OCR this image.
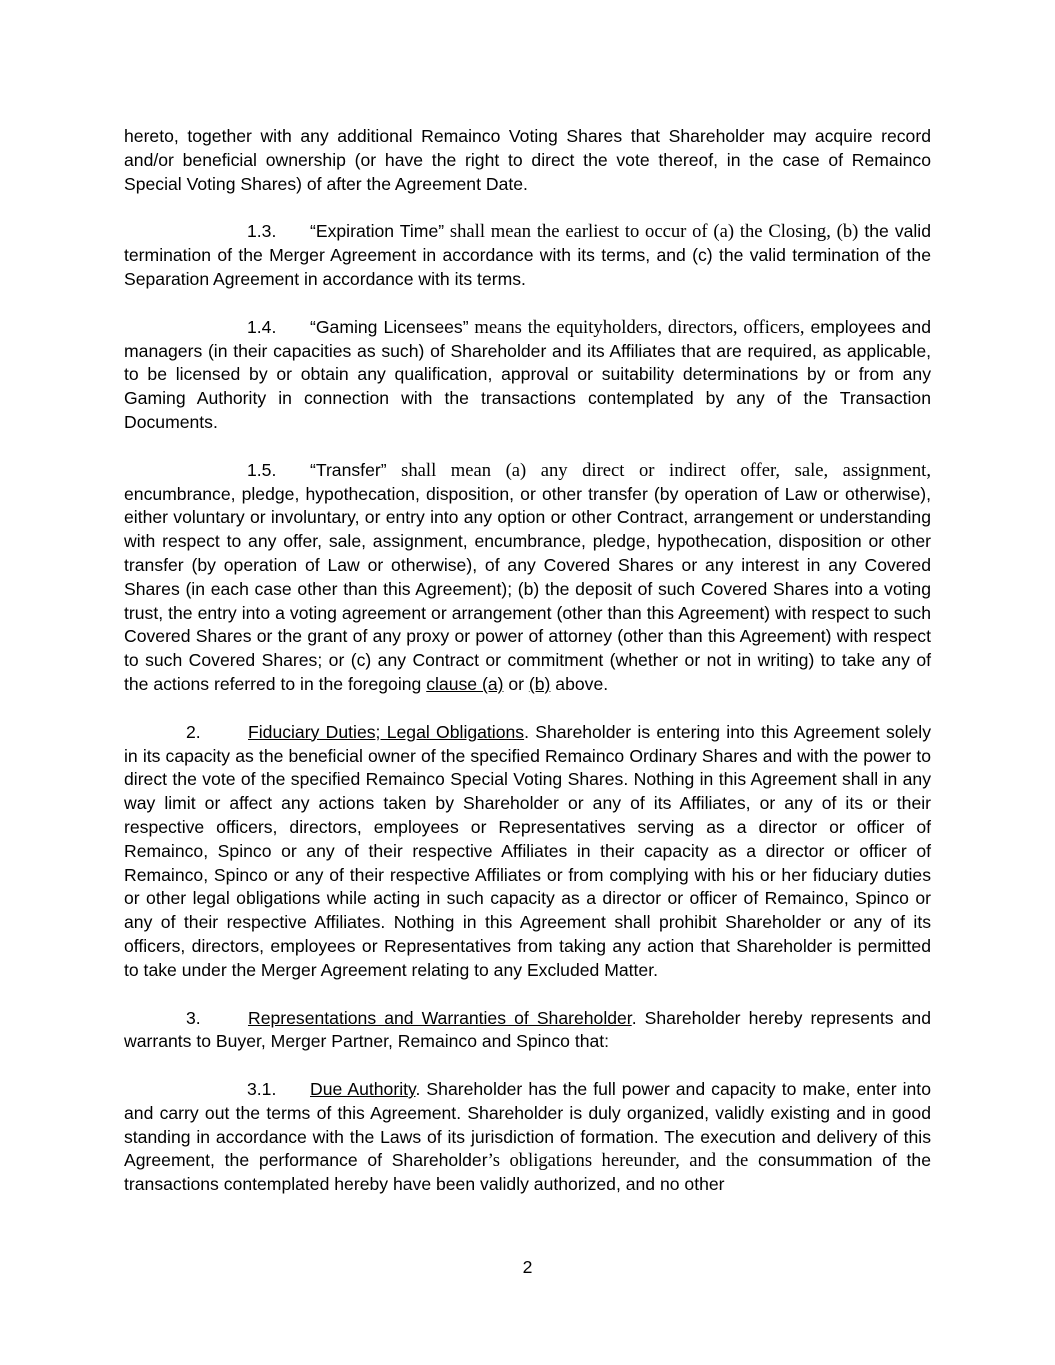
hereto, together with any additional Remainco Voting Shares that Shareholder may acquire record and/or beneficial ownership (or have the right to direct the vote thereof, in the case of Remainco Special Voting Shares) of after the Agreement Date.

1.3. “Expiration Time” shall mean the earliest to occur of (a) the Closing, (b) the valid termination of the Merger Agreement in accordance with its terms, and (c) the valid termination of the Separation Agreement in accordance with its terms.

1.4. “Gaming Licensees” means the equityholders, directors, officers, employees and managers (in their capacities as such) of Shareholder and its Affiliates that are required, as applicable, to be licensed by or obtain any qualification, approval or suitability determinations by or from any Gaming Authority in connection with the transactions contemplated by any of the Transaction Documents.

1.5. “Transfer” shall mean (a) any direct or indirect offer, sale, assignment, encumbrance, pledge, hypothecation, disposition, or other transfer (by operation of Law or otherwise), either voluntary or involuntary, or entry into any option or other Contract, arrangement or understanding with respect to any offer, sale, assignment, encumbrance, pledge, hypothecation, disposition or other transfer (by operation of Law or otherwise), of any Covered Shares or any interest in any Covered Shares (in each case other than this Agreement); (b) the deposit of such Covered Shares into a voting trust, the entry into a voting agreement or arrangement (other than this Agreement) with respect to such Covered Shares or the grant of any proxy or power of attorney (other than this Agreement) with respect to such Covered Shares; or (c) any Contract or commitment (whether or not in writing) to take any of the actions referred to in the foregoing clause (a) or (b) above.

2.	Fiduciary Duties; Legal Obligations. Shareholder is entering into this Agreement solely in its capacity as the beneficial owner of the specified Remainco Ordinary Shares and with the power to direct the vote of the specified Remainco Special Voting Shares. Nothing in this Agreement shall in any way limit or affect any actions taken by Shareholder or any of its Affiliates, or any of its or their respective officers, directors, employees or Representatives serving as a director or officer of Remainco, Spinco or any of their respective Affiliates in their capacity as a director or officer of Remainco, Spinco or any of their respective Affiliates or from complying with his or her fiduciary duties or other legal obligations while acting in such capacity as a director or officer of Remainco, Spinco or any of their respective Affiliates. Nothing in this Agreement shall prohibit Shareholder or any of its officers, directors, employees or Representatives from taking any action that Shareholder is permitted to take under the Merger Agreement relating to any Excluded Matter.

3.	Representations and Warranties of Shareholder. Shareholder hereby represents and warrants to Buyer, Merger Partner, Remainco and Spinco that:

3.1. Due Authority. Shareholder has the full power and capacity to make, enter into and carry out the terms of this Agreement. Shareholder is duly organized, validly existing and in good standing in accordance with the Laws of its jurisdiction of formation. The execution and delivery of this Agreement, the performance of Shareholder’s obligations hereunder, and the consummation of the transactions contemplated hereby have been validly authorized, and no other

2
